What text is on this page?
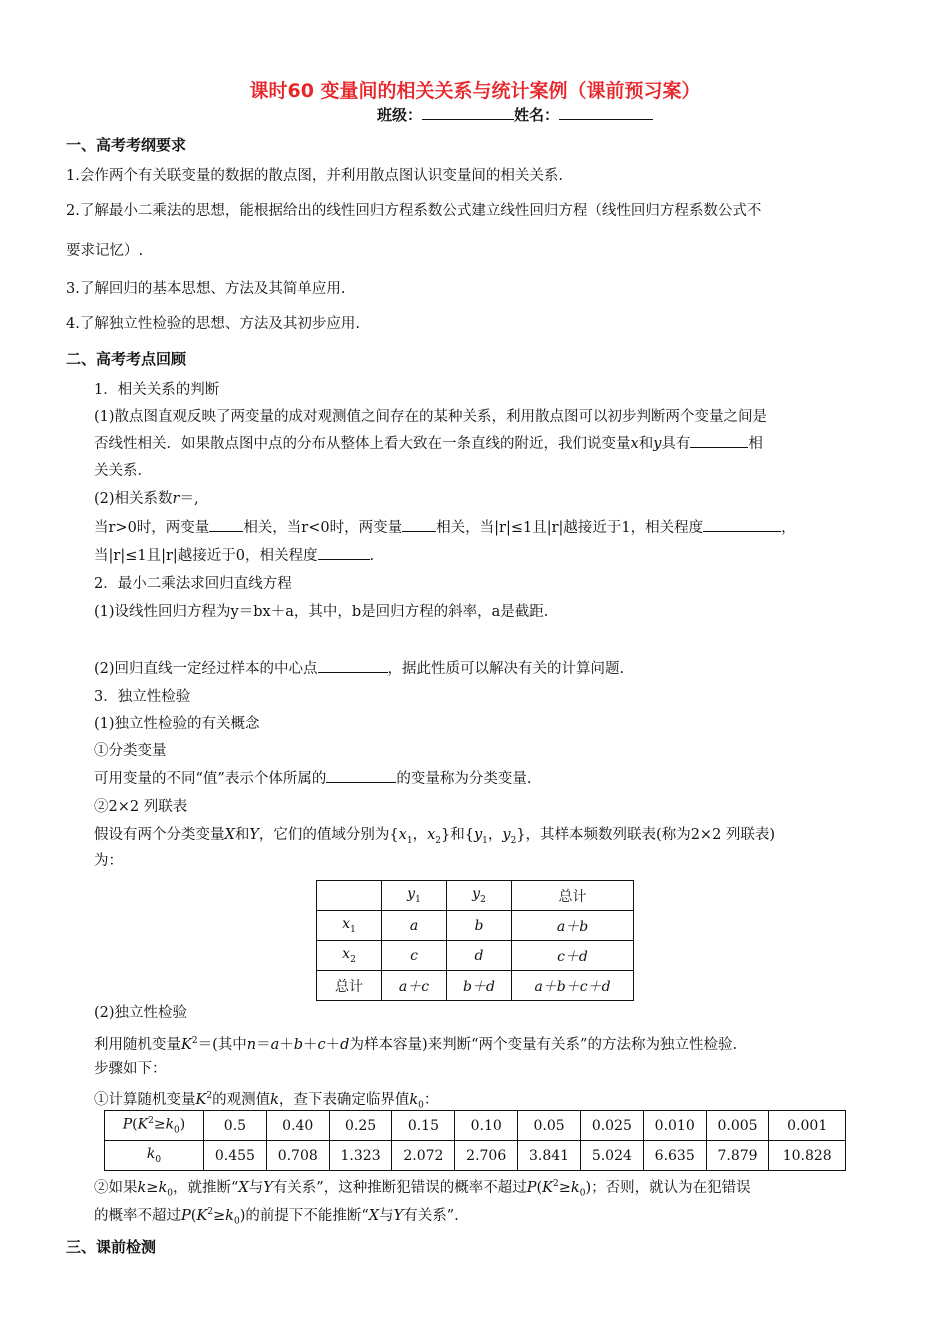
课时60 变量间的相关关系与统计案例（课前预习案）
班级：	姓名：
一、高考考纲要求
1.会作两个有关联变量的数据的散点图，并利用散点图认识变量间的相关关系.
2.了解最小二乘法的思想，能根据给出的线性回归方程系数公式建立线性回归方程（线性回归方程系数公式不
要求记忆）.
3.了解回归的基本思想、方法及其简单应用.
4.了解独立性检验的思想、方法及其初步应用.
二、高考考点回顾
1．相关关系的判断
(1)散点图直观反映了两变量的成对观测值之间存在的某种关系，利用散点图可以初步判断两个变量之间是
否线性相关．如果散点图中点的分布从整体上看大致在一条直线的附近，我们说变量x和y具有	相
关关系．
(2)相关系数r＝,
当r>0时，两变量 相关，当r<0时，两变量 相关，当|r|≤1且|r|越接近于1，相关程度	，
当|r|≤1且|r|越接近于0，相关程度	.
2．最小二乘法求回归直线方程
(1)设线性回归方程为y＝bx＋a，其中，b是回归方程的斜率，a是截距.
(2)回归直线一定经过样本的中心点	，据此性质可以解决有关的计算问题.
3．独立性检验
(1)独立性检验的有关概念
①分类变量
可用变量的不同“值”表示个体所属的	的变量称为分类变量.
②2×2 列联表
假设有两个分类变量X和Y，它们的值域分别为{$x_1$，$x_2$}和{$y_1$，$y_2$}，其样本频数列联表(称为2×2 列联表)
为：
	$y_1$	$y_2$	总计
$x_1$	a	b	a＋b
$x_2$	c	d	c＋d
总计	a＋c	b＋d	a＋b＋c＋d
(2)独立性检验
利用随机变量$K^2=$(其中n＝a＋b＋c＋d为样本容量)来判断“两个变量有关系”的方法称为独立性检验.
步骤如下：
①计算随机变量$K^2$的观测值k，查下表确定临界值$k_0$：
$P(K^2\ge k_0)$	0.5	0.40	0.25	0.15	0.10	0.05	0.025	0.010	0.005	0.001
$k_0$	0.455	0.708	1.323	2.072	2.706	3.841	5.024	6.635	7.879	10.828
②如果$k\ge k_0$，就推断“X与Y有关系”，这种推断犯错误的概率不超过$P(K^2\ge k_0)$；否则，就认为在犯错误
的概率不超过$P(K^2\ge k_0)$的前提下不能推断“X与Y有关系”.
三、课前检测
